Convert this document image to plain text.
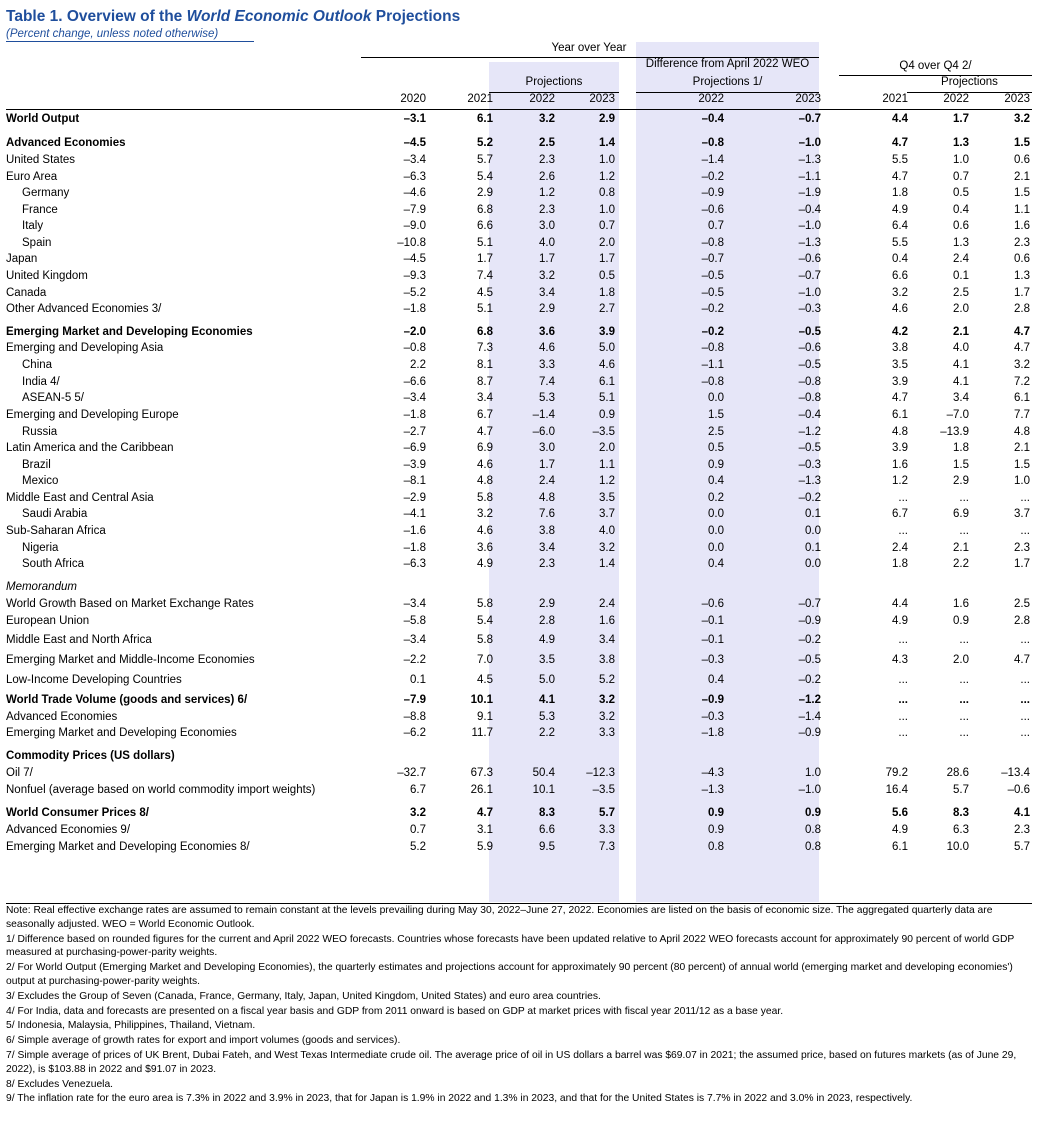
Table 1. Overview of the World Economic Outlook Projections
(Percent change, unless noted otherwise)
Year over Year
Difference from April 2022 WEO	Q4 over Q4 2/
Projections	Projections 1/	Projections
2020	2021	2022	2023	2022	2023	2021	2022	2023
World Output	–3.1	6.1	3.2	2.9	–0.4	–0.7	4.4	1.7	3.2
Advanced Economies	–4.5	5.2	2.5	1.4	–0.8	–1.0	4.7	1.3	1.5
United States	–3.4	5.7	2.3	1.0	–1.4	–1.3	5.5	1.0	0.6
Euro Area	–6.3	5.4	2.6	1.2	–0.2	–1.1	4.7	0.7	2.1
Germany	–4.6	2.9	1.2	0.8	–0.9	–1.9	1.8	0.5	1.5
France	–7.9	6.8	2.3	1.0	–0.6	–0.4	4.9	0.4	1.1
Italy	–9.0	6.6	3.0	0.7	0.7	–1.0	6.4	0.6	1.6
Spain	–10.8	5.1	4.0	2.0	–0.8	–1.3	5.5	1.3	2.3
Japan	–4.5	1.7	1.7	1.7	–0.7	–0.6	0.4	2.4	0.6
United Kingdom	–9.3	7.4	3.2	0.5	–0.5	–0.7	6.6	0.1	1.3
Canada	–5.2	4.5	3.4	1.8	–0.5	–1.0	3.2	2.5	1.7
Other Advanced Economies 3/	–1.8	5.1	2.9	2.7	–0.2	–0.3	4.6	2.0	2.8
Emerging Market and Developing Economies	–2.0	6.8	3.6	3.9	–0.2	–0.5	4.2	2.1	4.7
Emerging and Developing Asia	–0.8	7.3	4.6	5.0	–0.8	–0.6	3.8	4.0	4.7
China	2.2	8.1	3.3	4.6	–1.1	–0.5	3.5	4.1	3.2
India 4/	–6.6	8.7	7.4	6.1	–0.8	–0.8	3.9	4.1	7.2
ASEAN-5 5/	–3.4	3.4	5.3	5.1	0.0	–0.8	4.7	3.4	6.1
Emerging and Developing Europe	–1.8	6.7	–1.4	0.9	1.5	–0.4	6.1	–7.0	7.7
Russia	–2.7	4.7	–6.0	–3.5	2.5	–1.2	4.8	–13.9	4.8
Latin America and the Caribbean	–6.9	6.9	3.0	2.0	0.5	–0.5	3.9	1.8	2.1
Brazil	–3.9	4.6	1.7	1.1	0.9	–0.3	1.6	1.5	1.5
Mexico	–8.1	4.8	2.4	1.2	0.4	–1.3	1.2	2.9	1.0
Middle East and Central Asia	–2.9	5.8	4.8	3.5	0.2	–0.2	...	...	...
Saudi Arabia	–4.1	3.2	7.6	3.7	0.0	0.1	6.7	6.9	3.7
Sub-Saharan Africa	–1.6	4.6	3.8	4.0	0.0	0.0	...	...	...
Nigeria	–1.8	3.6	3.4	3.2	0.0	0.1	2.4	2.1	2.3
South Africa	–6.3	4.9	2.3	1.4	0.4	0.0	1.8	2.2	1.7
Memorandum
World Growth Based on Market Exchange Rates	–3.4	5.8	2.9	2.4	–0.6	–0.7	4.4	1.6	2.5
European Union	–5.8	5.4	2.8	1.6	–0.1	–0.9	4.9	0.9	2.8
Middle East and North Africa	–3.4	5.8	4.9	3.4	–0.1	–0.2	...	...	...
Emerging Market and Middle-Income Economies	–2.2	7.0	3.5	3.8	–0.3	–0.5	4.3	2.0	4.7
Low-Income Developing Countries	0.1	4.5	5.0	5.2	0.4	–0.2	...	...	...
World Trade Volume (goods and services) 6/	–7.9	10.1	4.1	3.2	–0.9	–1.2	...	...	...
Advanced Economies	–8.8	9.1	5.3	3.2	–0.3	–1.4	...	...	...
Emerging Market and Developing Economies	–6.2	11.7	2.2	3.3	–1.8	–0.9	...	...	...
Commodity Prices (US dollars)
Oil 7/	–32.7	67.3	50.4	–12.3	–4.3	1.0	79.2	28.6	–13.4
Nonfuel (average based on world commodity import weights)	6.7	26.1	10.1	–3.5	–1.3	–1.0	16.4	5.7	–0.6
World Consumer Prices 8/	3.2	4.7	8.3	5.7	0.9	0.9	5.6	8.3	4.1
Advanced Economies 9/	0.7	3.1	6.6	3.3	0.9	0.8	4.9	6.3	2.3
Emerging Market and Developing Economies 8/	5.2	5.9	9.5	7.3	0.8	0.8	6.1	10.0	5.7

Note: Real effective exchange rates are assumed to remain constant at the levels prevailing during May 30, 2022–June 27, 2022. Economies are listed on the basis of economic size. The aggregated quarterly data are seasonally adjusted. WEO = World Economic Outlook.

1/ Difference based on rounded figures for the current and April 2022 WEO forecasts. Countries whose forecasts have been updated relative to April 2022 WEO forecasts account for approximately 90 percent of world GDP measured at purchasing-power-parity weights.

2/ For World Output (Emerging Market and Developing Economies), the quarterly estimates and projections account for approximately 90 percent (80 percent) of annual world (emerging market and developing economies') output at purchasing-power-parity weights.

3/ Excludes the Group of Seven (Canada, France, Germany, Italy, Japan, United Kingdom, United States) and euro area countries.

4/ For India, data and forecasts are presented on a fiscal year basis and GDP from 2011 onward is based on GDP at market prices with fiscal year 2011/12 as a base year.

5/ Indonesia, Malaysia, Philippines, Thailand, Vietnam.

6/ Simple average of growth rates for export and import volumes (goods and services).

7/ Simple average of prices of UK Brent, Dubai Fateh, and West Texas Intermediate crude oil. The average price of oil in US dollars a barrel was $69.07 in 2021; the assumed price, based on futures markets (as of June 29, 2022), is $103.88 in 2022 and $91.07 in 2023.

8/ Excludes Venezuela.

9/ The inflation rate for the euro area is 7.3% in 2022 and 3.9% in 2023, that for Japan is 1.9% in 2022 and 1.3% in 2023, and that for the United States is 7.7% in 2022 and 3.0% in 2023, respectively.
